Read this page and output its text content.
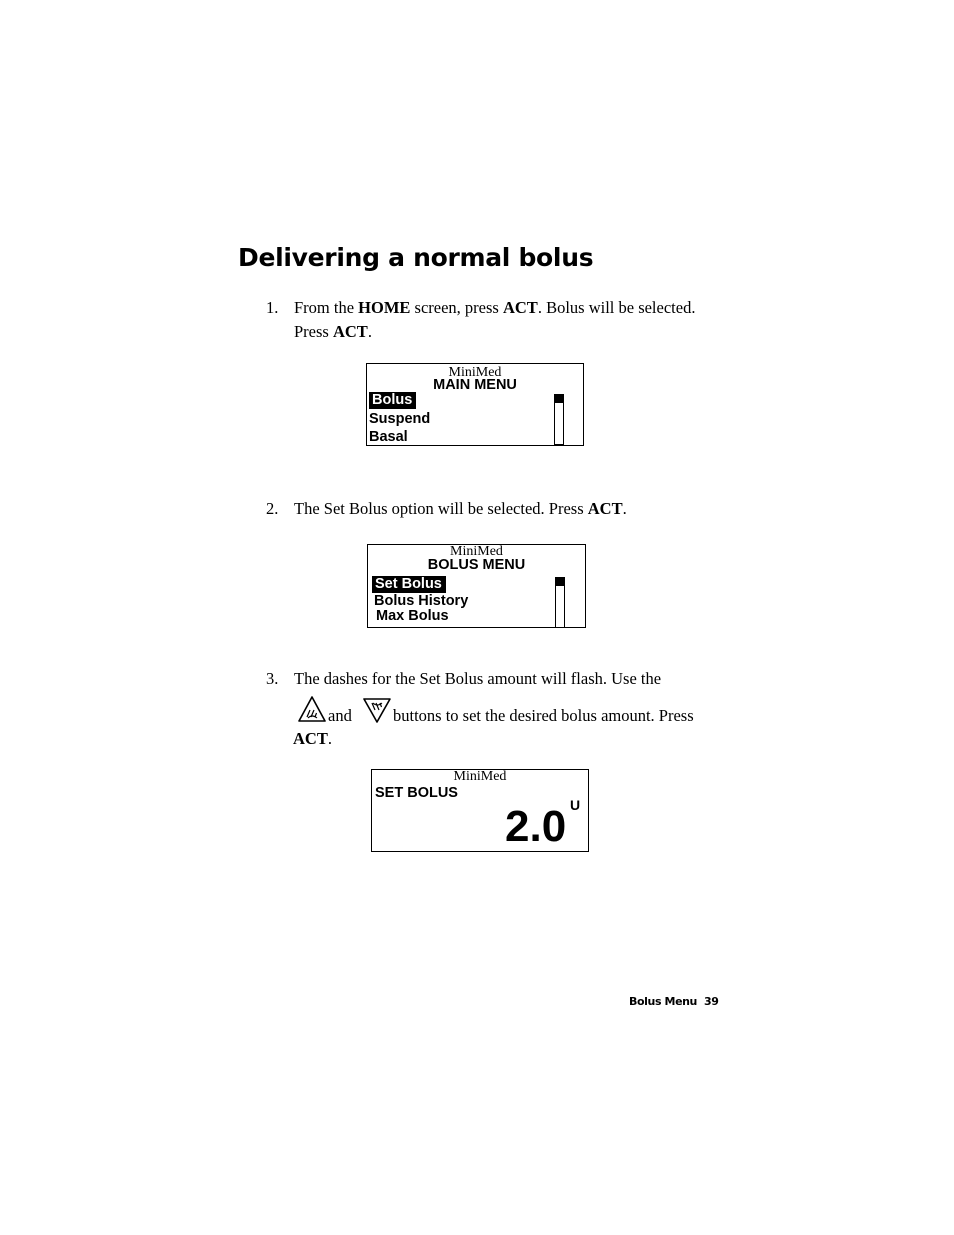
Delivering a normal bolus
1. From the HOME screen, press ACT. Bolus will be selected.
Press ACT.
MiniMed
MAIN MENU
Bolus
Suspend
Basal
2. The Set Bolus option will be selected. Press ACT.
MiniMed
BOLUS MENU
Set Bolus
Bolus History
Max Bolus
3. The dashes for the Set Bolus amount will flash. Use the
and buttons to set the desired bolus amount. Press
ACT.
MiniMed
SET BOLUS
2.0 U
Bolus Menu 39
